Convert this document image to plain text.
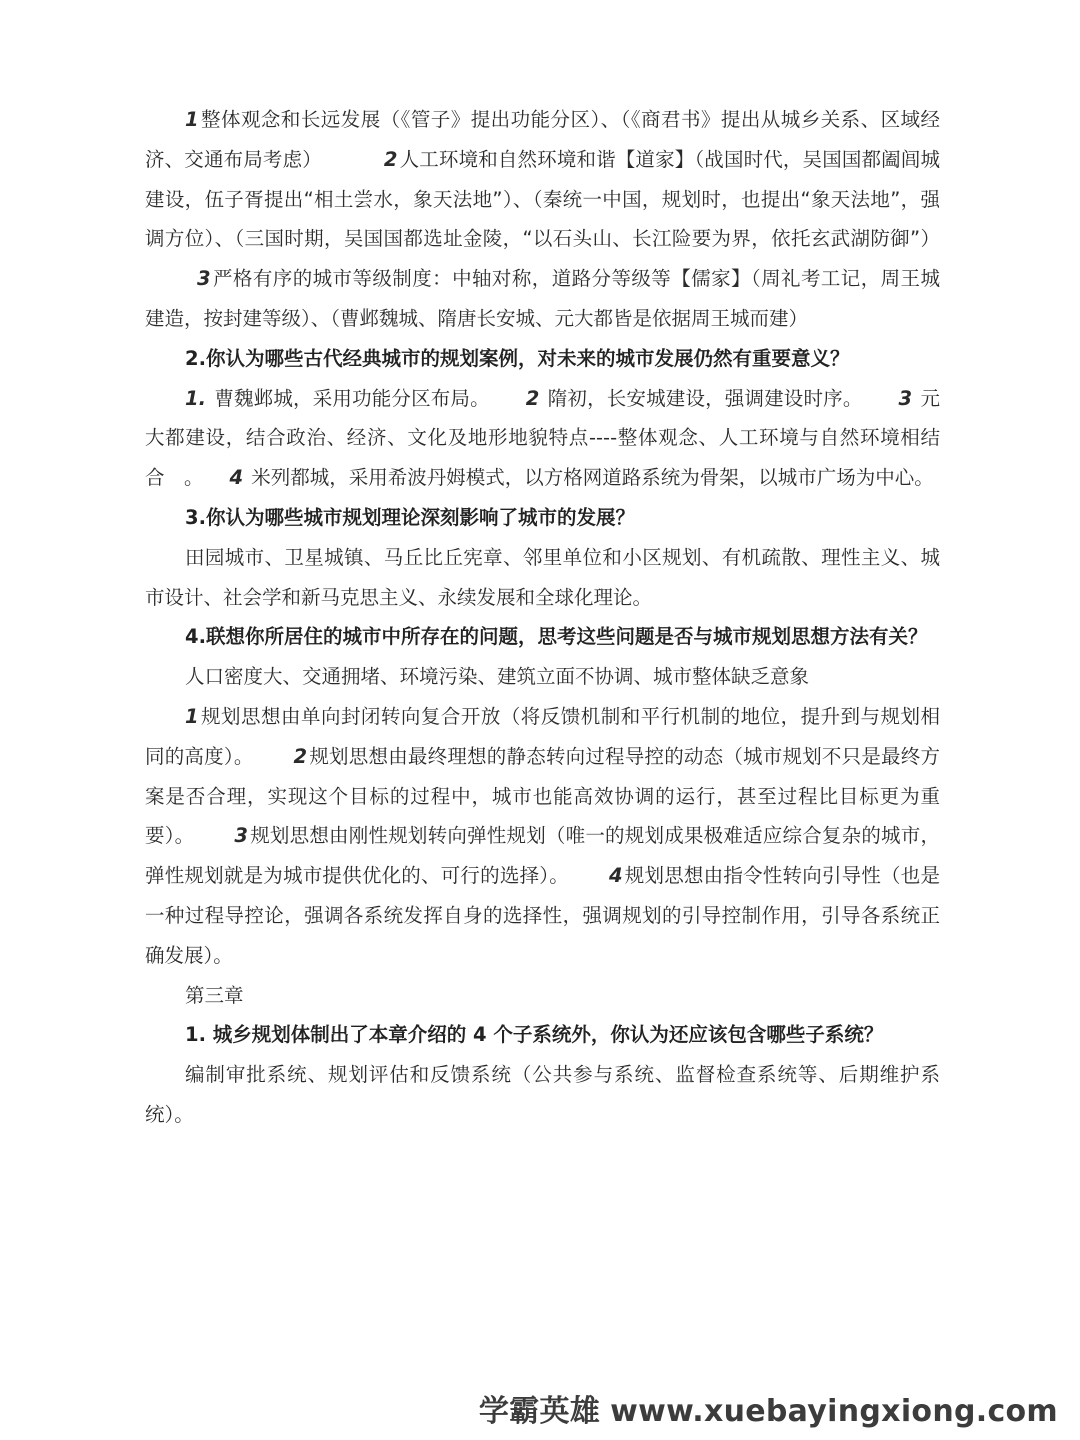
1 整体观念和长远发展（《管子》提出功能分区）、（《商君书》提出从城乡关系、区域经济、交通布局考虑）	2 人工环境和自然环境和谐【道家】（战国时代，吴国国都阖闾城建设，伍子胥提出“相土尝水，象天法地”）、（秦统一中国，规划时，也提出“象天法地”，强调方位）、（三国时期，吴国国都选址金陵，“以石头山、长江险要为界，依托玄武湖防御”）3 严格有序的城市等级制度：中轴对称，道路分等级等【儒家】（周礼考工记，周王城建造，按封建等级）、（曹邺魏城、隋唐长安城、元大都皆是依据周王城而建）

2.你认为哪些古代经典城市的规划案例，对未来的城市发展仍然有重要意义？

1. 曹魏邺城，采用功能分区布局。 2 隋初，长安城建设，强调建设时序。 3 元大都建设，结合政治、经济、文化及地形地貌特点----整体观念、人工环境与自然环境相结合　。 4 米列都城，采用希波丹姆模式，以方格网道路系统为骨架，以城市广场为中心。

3.你认为哪些城市规划理论深刻影响了城市的发展？

田园城市、卫星城镇、马丘比丘宪章、邻里单位和小区规划、有机疏散、理性主义、城市设计、社会学和新马克思主义、永续发展和全球化理论。

4.联想你所居住的城市中所存在的问题，思考这些问题是否与城市规划思想方法有关？

人口密度大、交通拥堵、环境污染、建筑立面不协调、城市整体缺乏意象

1 规划思想由单向封闭转向复合开放（将反馈机制和平行机制的地位，提升到与规划相同的高度）。 2 规划思想由最终理想的静态转向过程导控的动态（城市规划不只是最终方案是否合理，实现这个目标的过程中，城市也能高效协调的运行，甚至过程比目标更为重要）。 3 规划思想由刚性规划转向弹性规划（唯一的规划成果极难适应综合复杂的城市，弹性规划就是为城市提供优化的、可行的选择）。 4 规划思想由指令性转向引导性（也是一种过程导控论，强调各系统发挥自身的选择性，强调规划的引导控制作用，引导各系统正确发展）。

第三章

1. 城乡规划体制出了本章介绍的 4 个子系统外，你认为还应该包含哪些子系统？

编制审批系统、规划评估和反馈系统（公共参与系统、监督检查系统等、后期维护系统）。

学霸英雄 www.xuebayingxiong.com
